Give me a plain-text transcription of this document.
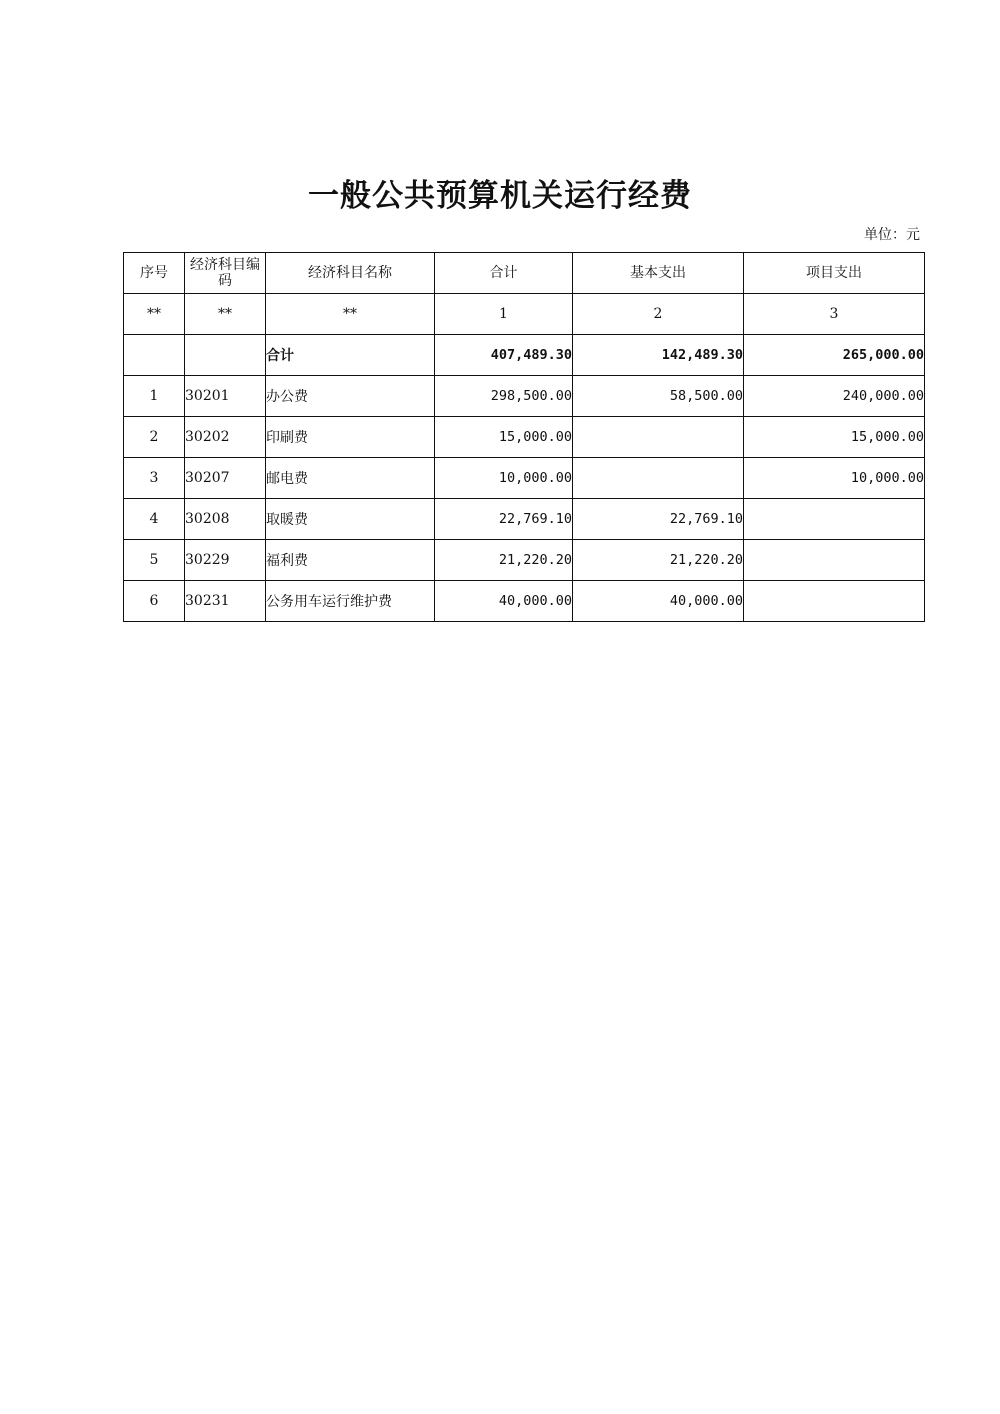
一般公共预算机关运行经费
单位：元
序号	经济科目编码	经济科目名称	合计	基本支出	项目支出
**	**	**	1	2	3
		合计	407,489.30	142,489.30	265,000.00
1	30201	办公费	298,500.00	58,500.00	240,000.00
2	30202	印刷费	15,000.00		15,000.00
3	30207	邮电费	10,000.00		10,000.00
4	30208	取暖费	22,769.10	22,769.10	
5	30229	福利费	21,220.20	21,220.20	
6	30231	公务用车运行维护费	40,000.00	40,000.00	
